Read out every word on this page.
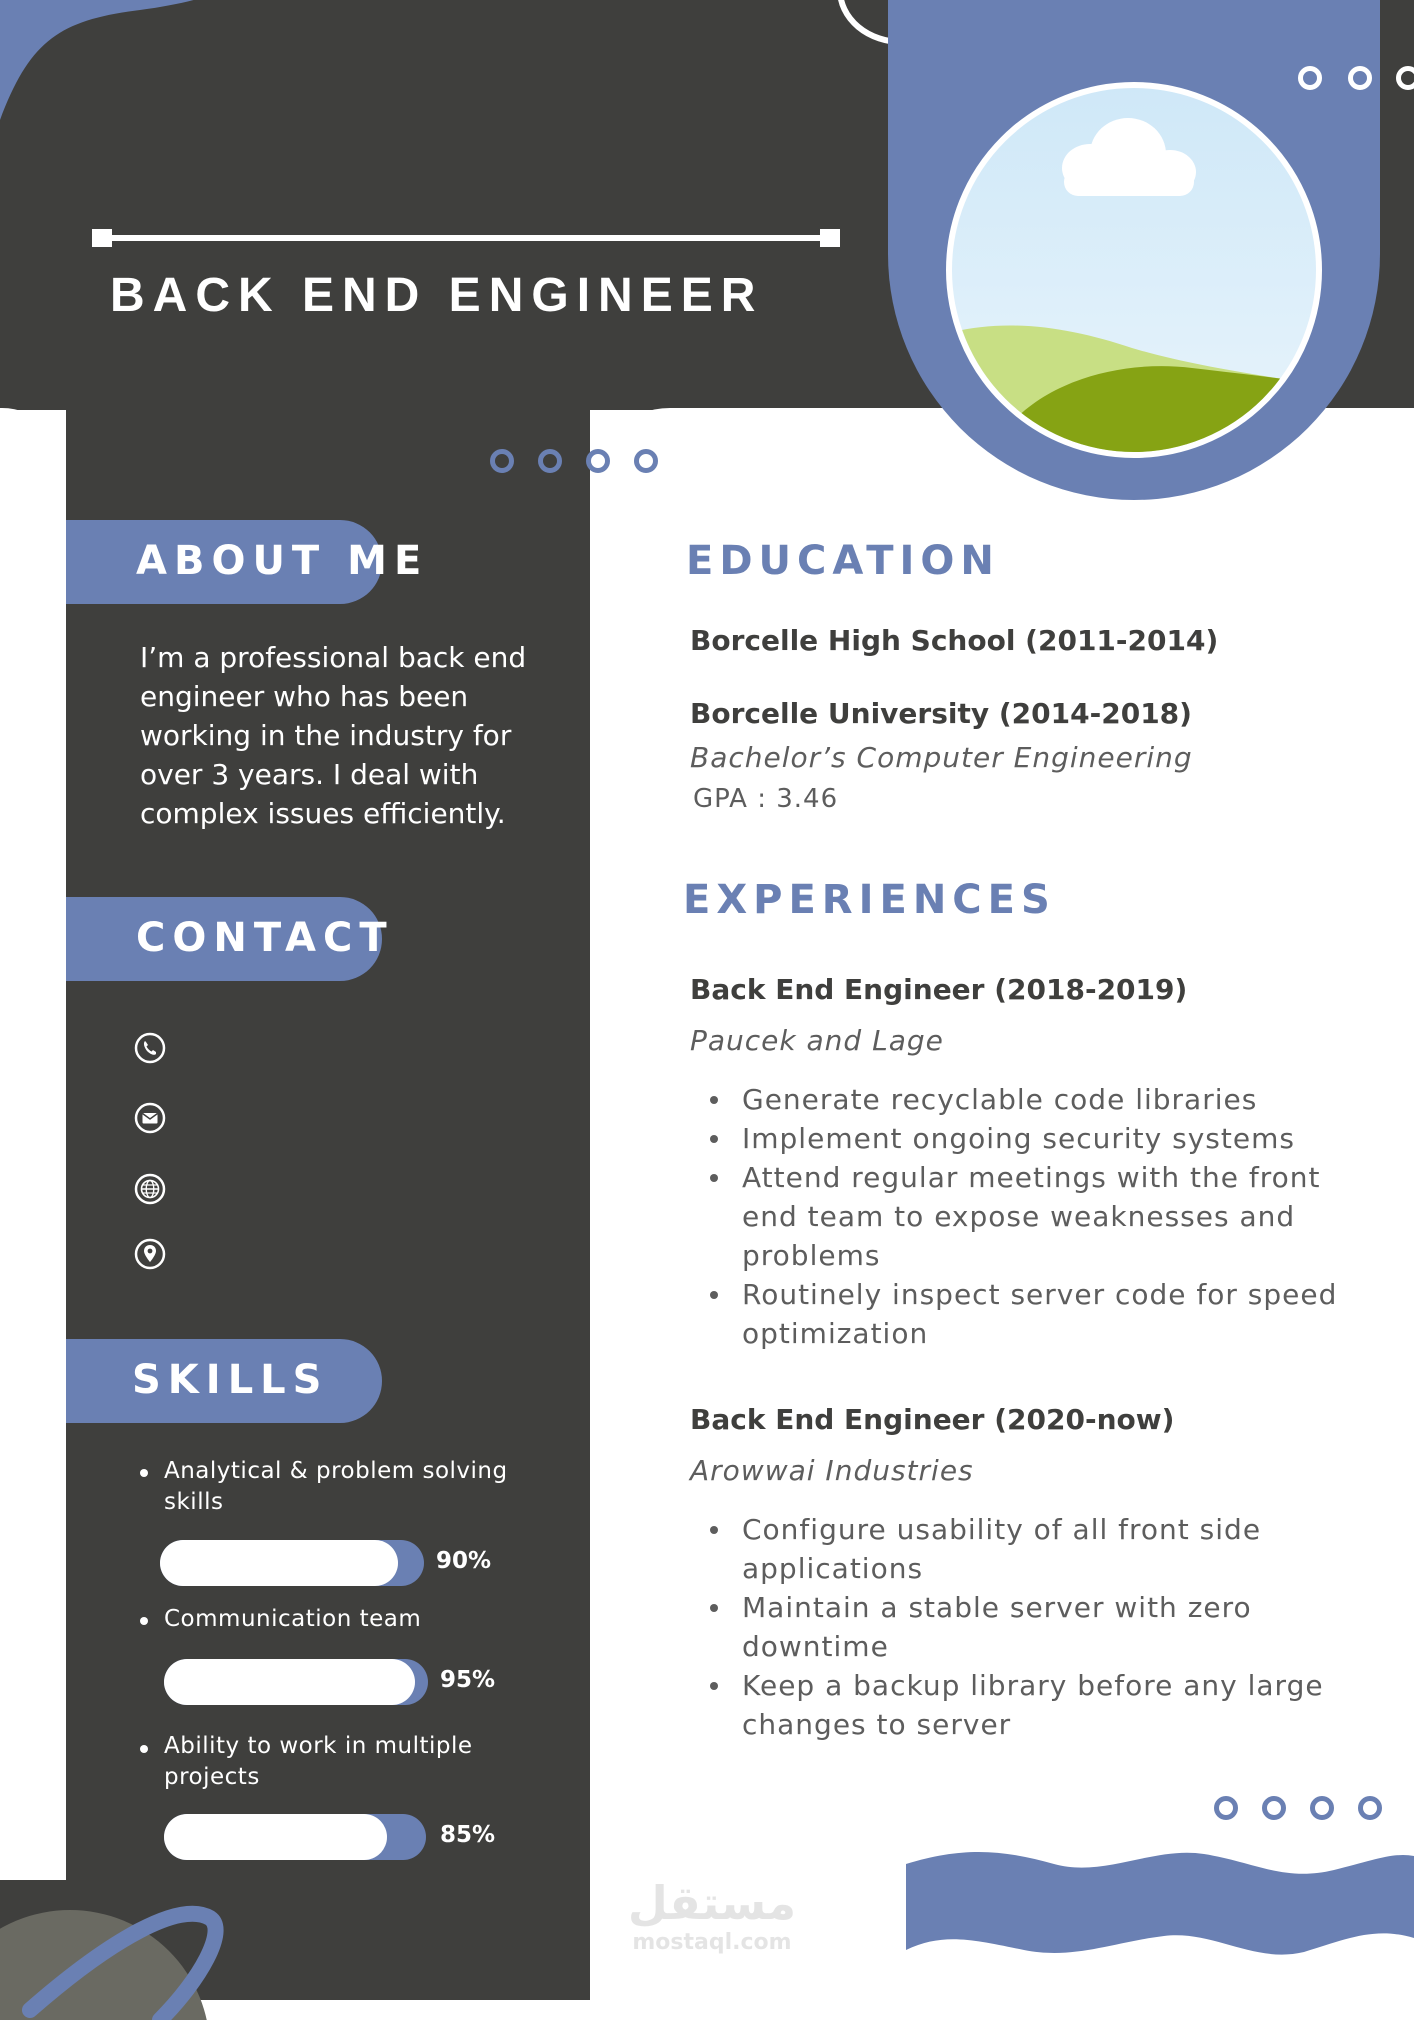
BACK END ENGINEER
ABOUT ME
I’m a professional back end
engineer who has been
working in the industry for
over 3 years. I deal with
complex issues efficiently.
CONTACT
SKILLS
Analytical & problem solving
skills
90%
Communication team
95%
Ability to work in multiple
projects
85%
EDUCATION
Borcelle High School (2011-2014)
Borcelle University (2014-2018)
Bachelor’s Computer Engineering
GPA : 3.46
EXPERIENCES
Back End Engineer (2018-2019)
Paucek and Lage
Generate recyclable code libraries
Implement ongoing security systems
Attend regular meetings with the front
end team to expose weaknesses and
problems
Routinely inspect server code for speed
optimization
Back End Engineer (2020-now)
Arowwai Industries
Configure usability of all front side
applications
Maintain a stable server with zero
downtime
Keep a backup library before any large
changes to server
مستقل
mostaql.com
